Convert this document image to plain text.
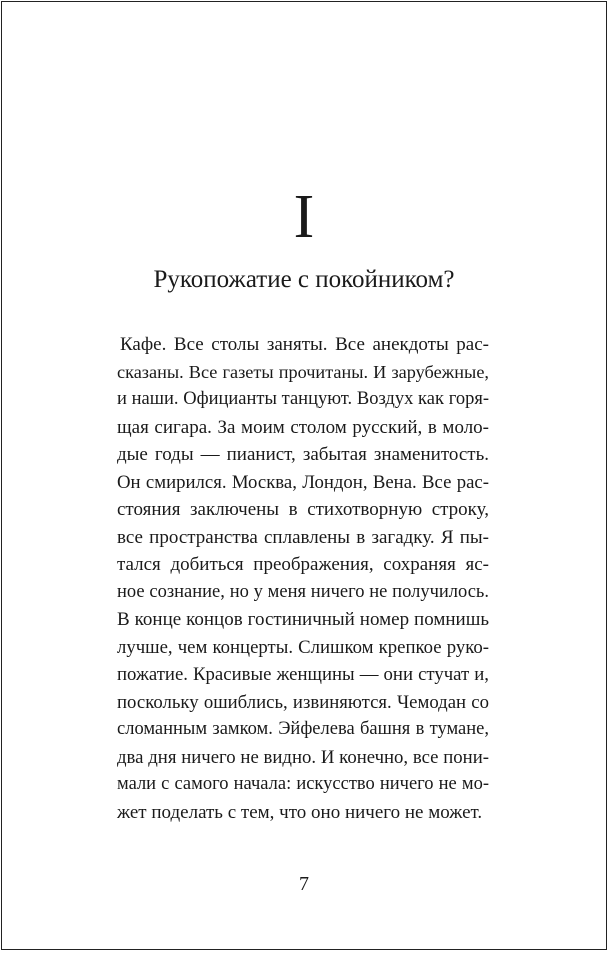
I
Рукопожатие с покойником?
Кафе. Все столы заняты. Все анекдоты рас-
сказаны. Все газеты прочитаны. И зарубежные,
и наши. Официанты танцуют. Воздух как горя-
щая сигара. За моим столом русский, в моло-
дые годы — пианист, забытая знаменитость.
Он смирился. Москва, Лондон, Вена. Все рас-
стояния заключены в стихотворную строку,
все пространства сплавлены в загадку. Я пы-
тался добиться преображения, сохраняя яс-
ное сознание, но у меня ничего не получилось.
В конце концов гостиничный номер помнишь
лучше, чем концерты. Слишком крепкое руко-
пожатие. Красивые женщины — они стучат и,
поскольку ошиблись, извиняются. Чемодан со
сломанным замком. Эйфелева башня в тумане,
два дня ничего не видно. И конечно, все пони-
мали с самого начала: искусство ничего не мо-
жет поделать с тем, что оно ничего не может.
7
